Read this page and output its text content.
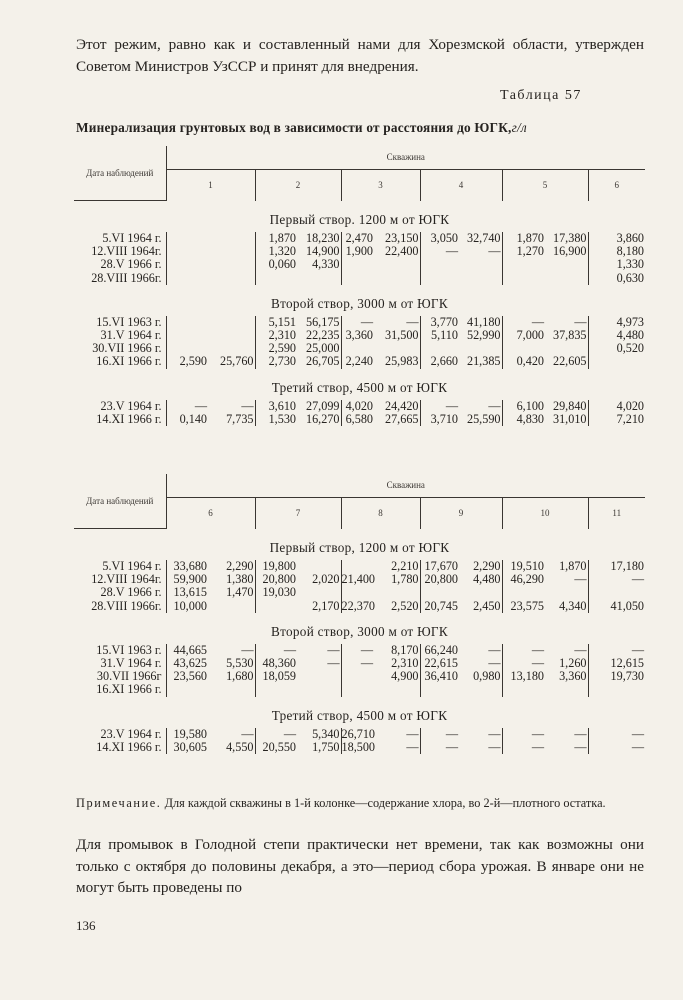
Этот режим, равно как и составленный нами для Хорезмской области, утвержден Советом Министров УзССР и принят для внедрения.

Таблица 57
Минерализация грунтовых вод в зависимости от расстояния до ЮГК,г/л
Дата наблюдений	Скважина										
	1		2		3		4		5		6
Первый створ. 1200 м от ЮГК											
5.VI 1964 г.			1,870	18,230	2,470	23,150	3,050	32,740	1,870	17,380	3,860
12.VIII 1964г.			1,320	14,900	1,900	22,400	—	—	1,270	16,900	8,180
28.V 1966 г.			0,060	4,330							1,330
28.VIII 1966г.											0,630
Второй створ, 3000 м от ЮГК											
15.VI 1963 г.			5,151	56,175	—	—	3,770	41,180	—	—	4,973
31.V 1964 г.			2,310	22,235	3,360	31,500	5,110	52,990	7,000	37,835	4,480
30.VII 1966 г.			2,590	25,000							0,520
16.XI 1966 г.	2,590	25,760	2,730	26,705	2,240	25,983	2,660	21,385	0,420	22,605	
Третий створ, 4500 м от ЮГК											
23.V 1964 г.	—	—	3,610	27,099	4,020	24,420	—	—	6,100	29,840	4,020
14.XI 1966 г.	0,140	7,735	1,530	16,270	6,580	27,665	3,710	25,590	4,830	31,010	7,210
Дата наблюдений	Скважина										
	6		7		8		9		10		11
Первый створ, 1200 м от ЮГК											
5.VI 1964 г.	33,680	2,290	19,800			2,210	17,670	2,290	19,510	1,870	17,180
12.VIII 1964г.	59,900	1,380	20,800	2,020	21,400	1,780	20,800	4,480	46,290	—	—
28.V 1966 г.	13,615	1,470	19,030								
28.VIII 1966г.	10,000			2,170	22,370	2,520	20,745	2,450	23,575	4,340	41,050
Второй створ, 3000 м от ЮГК											
15.VI 1963 г.	44,665	—	—	—	—	8,170	66,240	—	—	—	—
31.V 1964 г.	43,625	5,530	48,360	—	—	2,310	22,615	—	—	1,260	12,615
30.VII 1966г	23,560	1,680	18,059			4,900	36,410	0,980	13,180	3,360	19,730
16.XI 1966 г.											
Третий створ, 4500 м от ЮГК											
23.V 1964 г.	19,580	—	—	5,340	26,710	—	—	—	—	—	—
14.XI 1966 г.	30,605	4,550	20,550	1,750	18,500	—	—	—	—	—	—

Примечание. Для каждой скважины в 1-й колонке—содержание хлора, во 2-й—плотного остатка.

Для промывок в Голодной степи практически нет времени, так как возможны они только с октября до половины декабря, а это—период сбора урожая. В январе они не могут быть проведены по

136
